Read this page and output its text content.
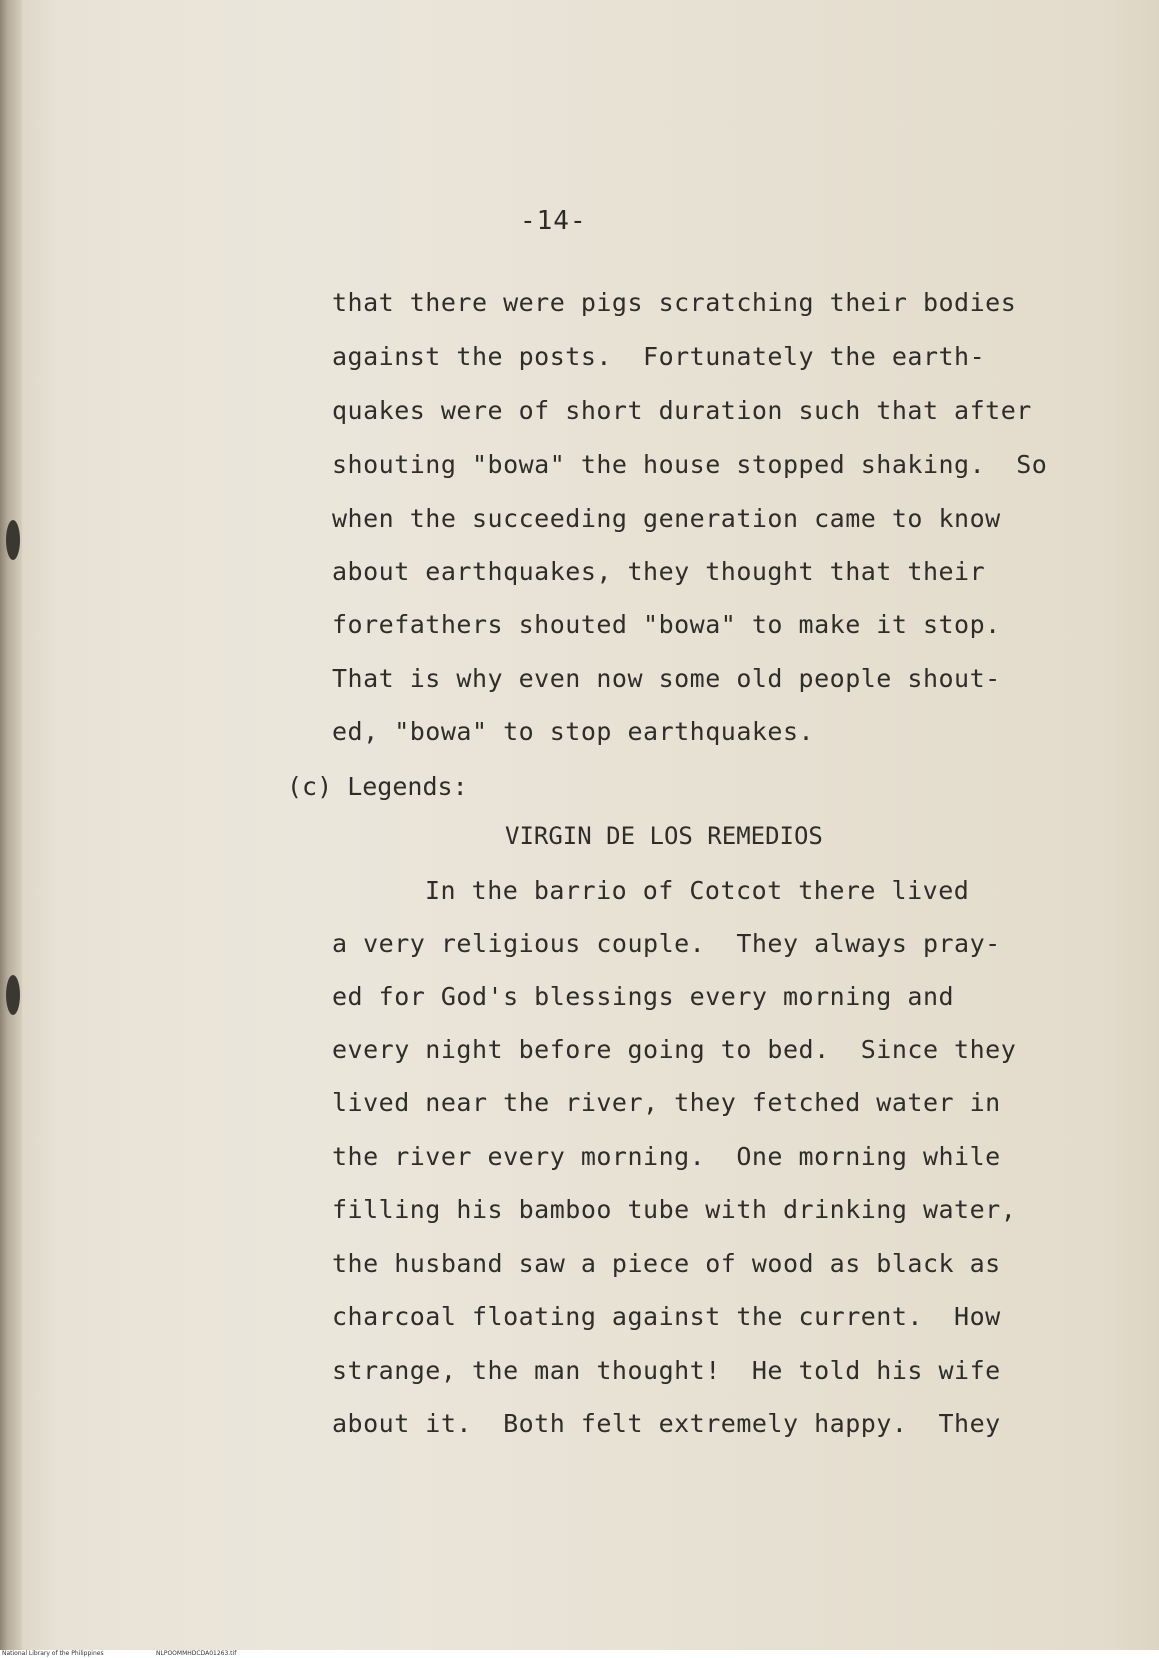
-14-
that there were pigs scratching their bodies
against the posts.  Fortunately the earth-
quakes were of short duration such that after
shouting "bowa" the house stopped shaking.  So
when the succeeding generation came to know
about earthquakes, they thought that their
forefathers shouted "bowa" to make it stop.
That is why even now some old people shout-
ed, "bowa" to stop earthquakes.
(c) Legends:
VIRGIN DE LOS REMEDIOS
In the barrio of Cotcot there lived
a very religious couple.  They always pray-
ed for God's blessings every morning and
every night before going to bed.  Since they
lived near the river, they fetched water in
the river every morning.  One morning while
filling his bamboo tube with drinking water,
the husband saw a piece of wood as black as
charcoal floating against the current.  How
strange, the man thought!  He told his wife
about it.  Both felt extremely happy.  They
National Library of the Philippines	NLPOOMMHDCDA01263.tif
